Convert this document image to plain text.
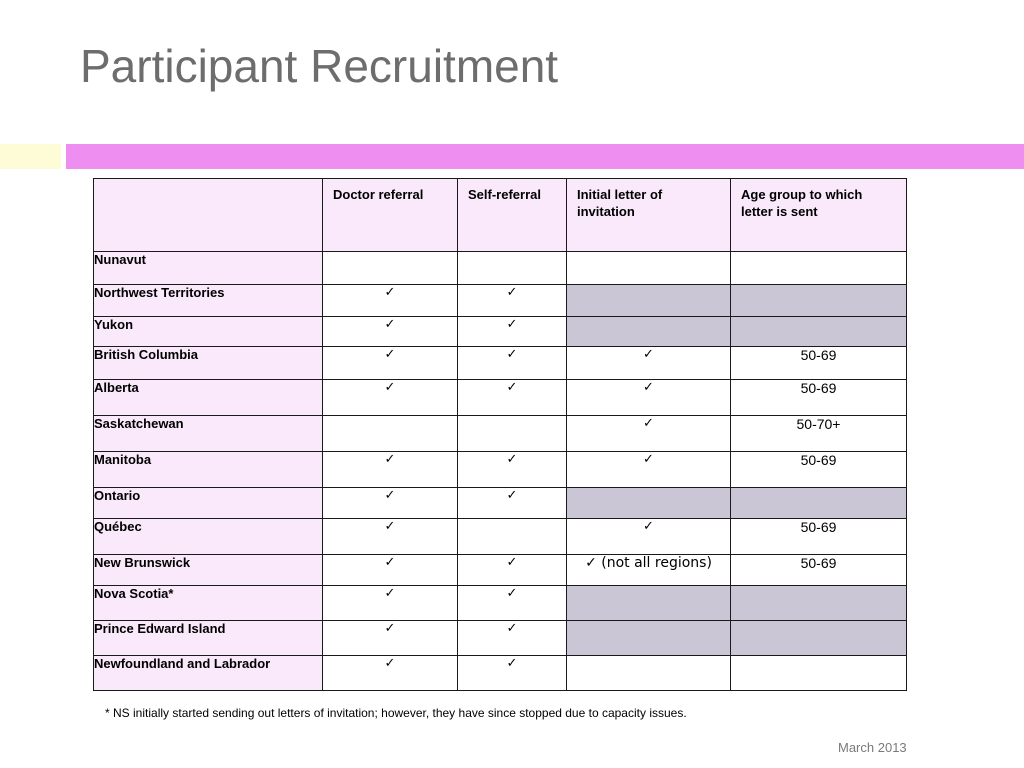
Participant Recruitment
	Doctor referral	Self-referral	Initial letter of invitation	Age group to which letter is sent
Nunavut				
Northwest Territories	✓	✓		
Yukon	✓	✓		
British Columbia	✓	✓	✓	50-69
Alberta	✓	✓	✓	50-69
Saskatchewan			✓	50-70+
Manitoba	✓	✓	✓	50-69
Ontario	✓	✓		
Québec	✓		✓	50-69
New Brunswick	✓	✓	✓ (not all regions)	50-69
Nova Scotia*	✓	✓		
Prince Edward Island	✓	✓		
Newfoundland and Labrador	✓	✓		
* NS initially started sending out letters of invitation; however, they have since stopped due to capacity issues.
March 2013
